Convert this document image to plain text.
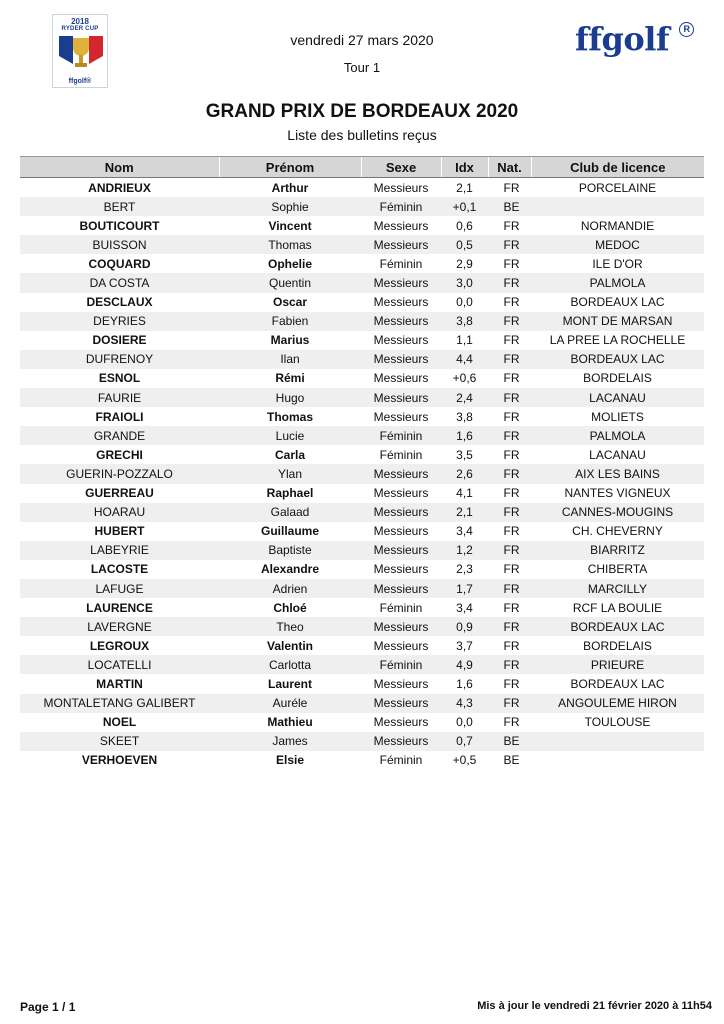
2018
RYDER CUP
ffgolf®
vendredi 27 mars 2020
Tour 1
ffgolf	R
GRAND PRIX DE BORDEAUX 2020
Liste des bulletins reçus
Nom	Prénom	Sexe	Idx	Nat.	Club de licence
ANDRIEUX	Arthur	Messieurs	2,1	FR	PORCELAINE
BERT	Sophie	Féminin	+0,1	BE	
BOUTICOURT	Vincent	Messieurs	0,6	FR	NORMANDIE
BUISSON	Thomas	Messieurs	0,5	FR	MEDOC
COQUARD	Ophelie	Féminin	2,9	FR	ILE D'OR
DA COSTA	Quentin	Messieurs	3,0	FR	PALMOLA
DESCLAUX	Oscar	Messieurs	0,0	FR	BORDEAUX LAC
DEYRIES	Fabien	Messieurs	3,8	FR	MONT DE MARSAN
DOSIERE	Marius	Messieurs	1,1	FR	LA PREE LA ROCHELLE
DUFRENOY	Ilan	Messieurs	4,4	FR	BORDEAUX LAC
ESNOL	Rémi	Messieurs	+0,6	FR	BORDELAIS
FAURIE	Hugo	Messieurs	2,4	FR	LACANAU
FRAIOLI	Thomas	Messieurs	3,8	FR	MOLIETS
GRANDE	Lucie	Féminin	1,6	FR	PALMOLA
GRECHI	Carla	Féminin	3,5	FR	LACANAU
GUERIN-POZZALO	Ylan	Messieurs	2,6	FR	AIX LES BAINS
GUERREAU	Raphael	Messieurs	4,1	FR	NANTES VIGNEUX
HOARAU	Galaad	Messieurs	2,1	FR	CANNES-MOUGINS
HUBERT	Guillaume	Messieurs	3,4	FR	CH. CHEVERNY
LABEYRIE	Baptiste	Messieurs	1,2	FR	BIARRITZ
LACOSTE	Alexandre	Messieurs	2,3	FR	CHIBERTA
LAFUGE	Adrien	Messieurs	1,7	FR	MARCILLY
LAURENCE	Chloé	Féminin	3,4	FR	RCF LA BOULIE
LAVERGNE	Theo	Messieurs	0,9	FR	BORDEAUX LAC
LEGROUX	Valentin	Messieurs	3,7	FR	BORDELAIS
LOCATELLI	Carlotta	Féminin	4,9	FR	PRIEURE
MARTIN	Laurent	Messieurs	1,6	FR	BORDEAUX LAC
MONTALETANG GALIBERT	Auréle	Messieurs	4,3	FR	ANGOULEME HIRON
NOEL	Mathieu	Messieurs	0,0	FR	TOULOUSE
SKEET	James	Messieurs	0,7	BE	
VERHOEVEN	Elsie	Féminin	+0,5	BE	
Page 1 / 1	Mis à jour le vendredi 21 février 2020 à 11h54
